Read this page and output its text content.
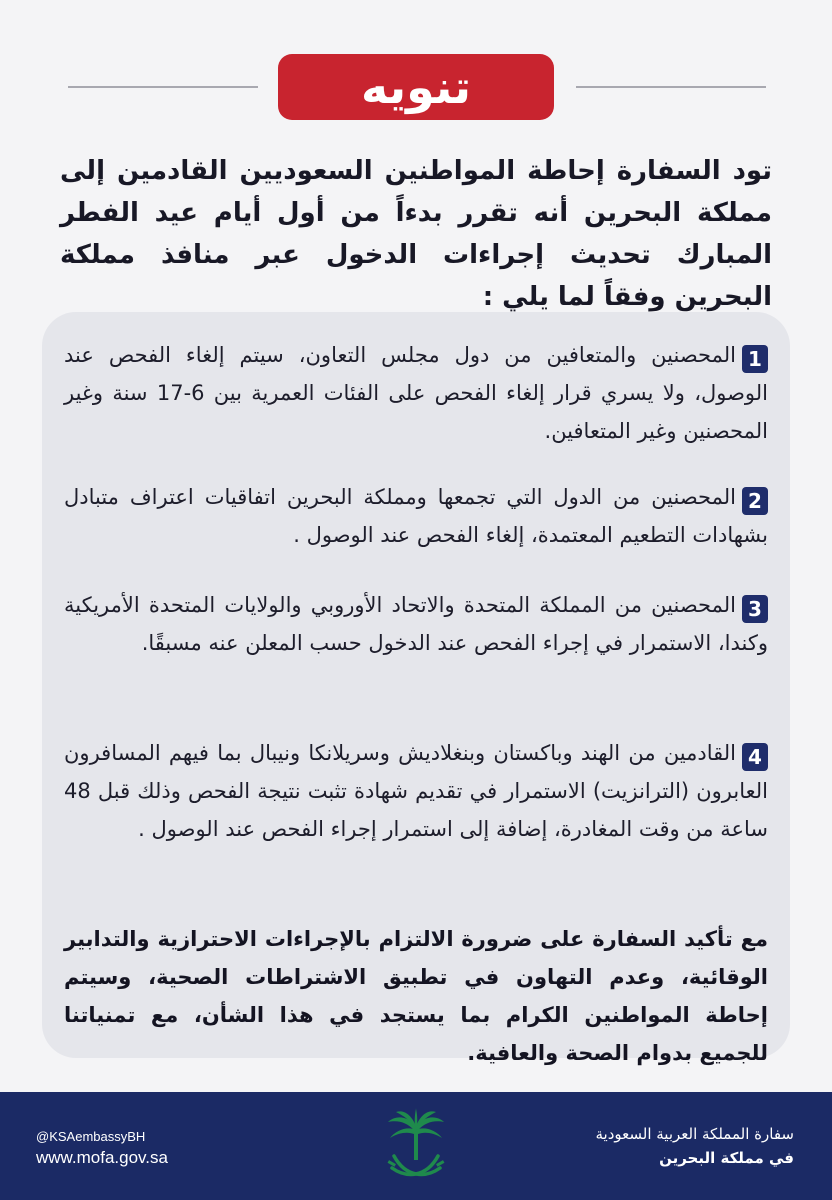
تنويه
تود السفارة إحاطة المواطنين السعوديين القادمين إلى مملكة البحرين أنه تقرر بدءاً من أول أيام عيد الفطر المبارك تحديث إجراءات الدخول عبر منافذ مملكة البحرين وفقاً لما يلي :
1المحصنين والمتعافين من دول مجلس التعاون، سيتم إلغاء الفحص عند الوصول، ولا يسري قرار إلغاء الفحص على الفئات العمرية بين 6-17 سنة وغير المحصنين وغير المتعافين.
2المحصنين من الدول التي تجمعها ومملكة البحرين اتفاقيات اعتراف متبادل بشهادات التطعيم المعتمدة، إلغاء الفحص عند الوصول .
3المحصنين من المملكة المتحدة والاتحاد الأوروبي والولايات المتحدة الأمريكية وكندا، الاستمرار في إجراء الفحص عند الدخول حسب المعلن عنه مسبقًا.
4القادمين من الهند وباكستان وبنغلاديش وسريلانكا ونيبال بما فيهم المسافرون العابرون (الترانزيت) الاستمرار في تقديم شهادة تثبت نتيجة الفحص وذلك قبل 48 ساعة من وقت المغادرة، إضافة إلى استمرار إجراء الفحص عند الوصول .
مع تأكيد السفارة على ضرورة الالتزام بالإجراءات الاحترازية والتدابير الوقائية، وعدم التهاون في تطبيق الاشتراطات الصحية، وسيتم إحاطة المواطنين الكرام بما يستجد في هذا الشأن، مع تمنياتنا للجميع بدوام الصحة والعافية.
@KSAembassyBH
www.mofa.gov.sa
سفارة المملكة العربية السعودية
في مملكة البحرين
